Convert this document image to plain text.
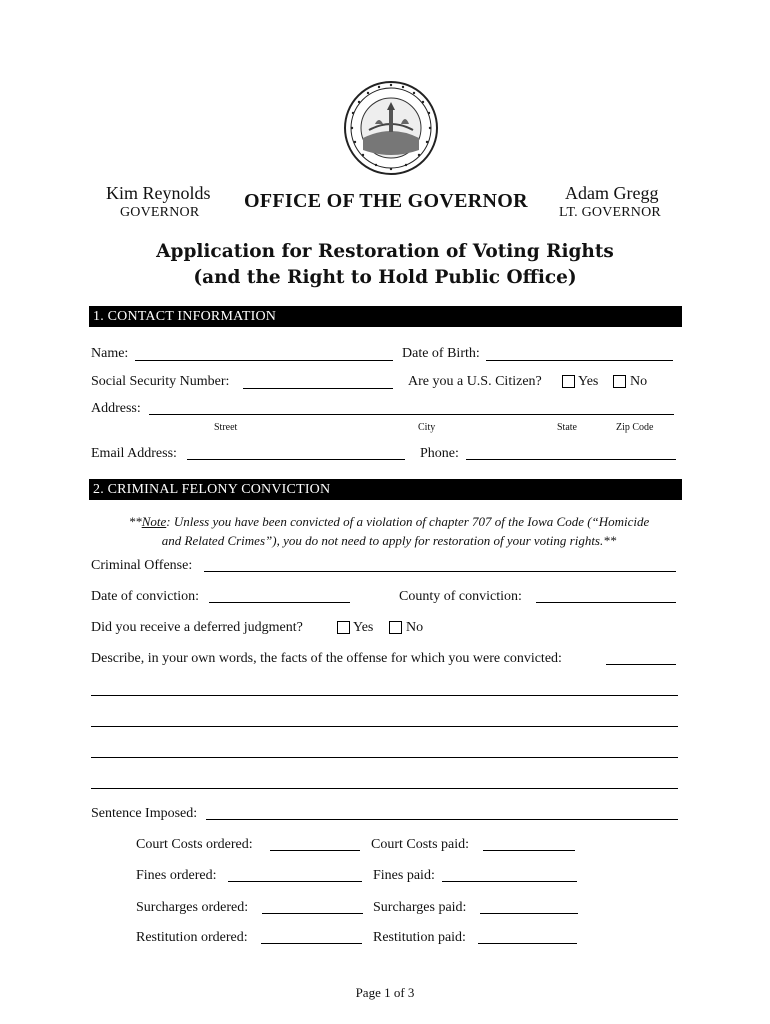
Kim Reynolds
GOVERNOR
OFFICE OF THE GOVERNOR Adam Gregg
LT. GOVERNOR
Application for Restoration of Voting Rights
(and the Right to Hold Public Office)
1. CONTACT INFORMATION
Name:	Date of Birth:
Social Security Number:	Are you a U.S. Citizen?	Yes No
Address:
Street	City	State	Zip Code
Email Address:	Phone:
2. CRIMINAL FELONY CONVICTION
**Note: Unless you have been convicted of a violation of chapter 707 of the Iowa Code (“Homicide
and Related Crimes”), you do not need to apply for restoration of your voting rights.**
Criminal Offense:
Date of conviction:	County of conviction:
Did you receive a deferred judgment?	Yes No
Describe, in your own words, the facts of the offense for which you were convicted:
Sentence Imposed:
Court Costs ordered:	Court Costs paid:
Fines ordered:	Fines paid:
Surcharges ordered:	Surcharges paid:
Restitution ordered:	Restitution paid:
Page 1 of 3
